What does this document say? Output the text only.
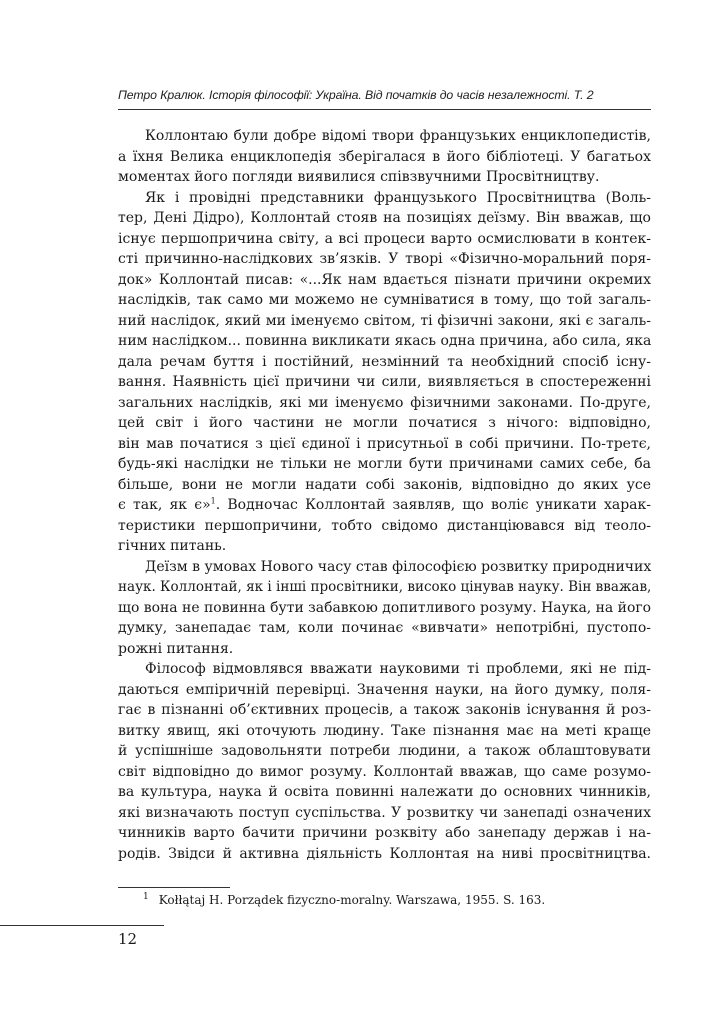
Петро Кралюк. Історія філософії: Україна. Від початків до часів незалежності. Т. 2
Коллонтаю були добре відомі твори французьких енциклопедистів,
а їхня Велика енциклопедія зберігалася в його бібліотеці. У багатьох
моментах його погляди виявилися співзвучними Просвітництву.
Як і провідні представники французького Просвітництва (Воль-
тер, Дені Дідро), Коллонтай стояв на позиціях деїзму. Він вважав, що
існує першопричина світу, а всі процеси варто осмислювати в контек-
сті причинно-наслідкових зв’язків. У творі «Фізично-моральний поря-
док» Коллонтай писав: «...Як нам вдається пізнати причини окремих
наслідків, так само ми можемо не сумніватися в тому, що той загаль-
ний наслідок, який ми іменуємо світом, ті фізичні закони, які є загаль-
ним наслідком... повинна викликати якась одна причина, або сила, яка
дала речам буття і постійний, незмінний та необхідний спосіб існу-
вання. Наявність цієї причини чи сили, виявляється в спостереженні
загальних наслідків, які ми іменуємо фізичними законами. По-друге,
цей світ і його частини не могли початися з нічого: відповідно,
він мав початися з цієї єдиної і присутньої в собі причини. По-третє,
будь-які наслідки не тільки не могли бути причинами самих себе, ба
більше, вони не могли надати собі законів, відповідно до яких усе
є так, як є»$^1$. Водночас Коллонтай заявляв, що воліє уникати харак-
теристики першопричини, тобто свідомо дистанціювався від теоло-
гічних питань.
Деїзм в умовах Нового часу став філософією розвитку природничих
наук. Коллонтай, як і інші просвітники, високо цінував науку. Він вважав,
що вона не повинна бути забавкою допитливого розуму. Наука, на його
думку, занепадає там, коли починає «вивчати» непотрібні, пустопо-
рожні питання.
Філософ відмовлявся вважати науковими ті проблеми, які не під-
даються емпіричній перевірці. Значення науки, на його думку, поля-
гає в пізнанні об’єктивних процесів, а також законів існування й роз-
витку явищ, які оточують людину. Таке пізнання має на меті краще
й успішніше задовольняти потреби людини, а також облаштовувати
світ відповідно до вимог розуму. Коллонтай вважав, що саме розумо-
ва культура, наука й освіта повинні належати до основних чинників,
які визначають поступ суспільства. У розвитку чи занепаді означених
чинників варто бачити причини розквіту або занепаду держав і на-
родів. Звідси й активна діяльність Коллонтая на ниві просвітництва.
$^1$ Kołłątaj H. Porządek fizyczno-moralny. Warszawa, 1955. S. 163.
12
